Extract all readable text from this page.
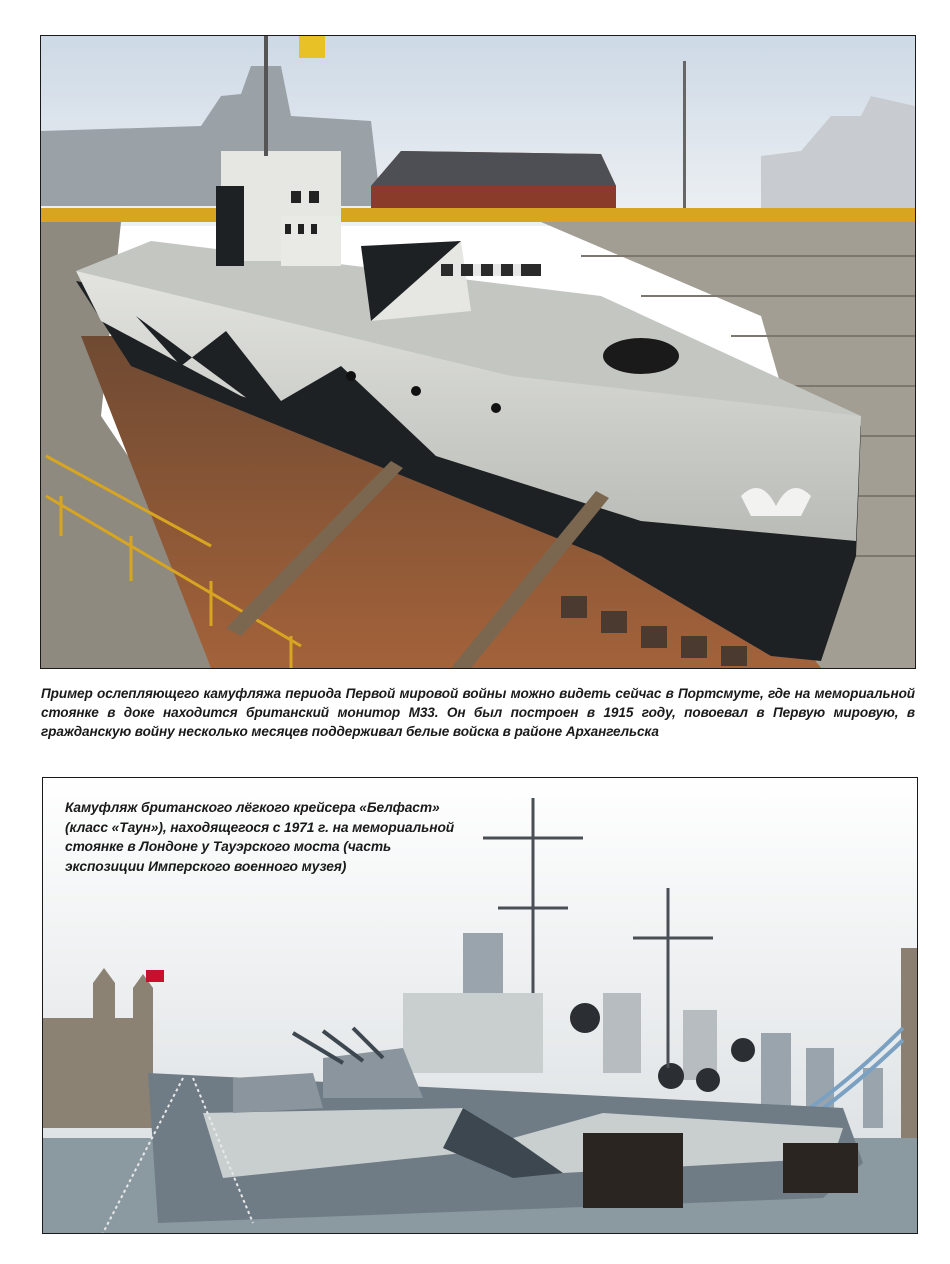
Пример ослепляющего камуфляжа периода Первой мировой войны можно видеть сейчас в Портсмуте, где на мемориальной стоянке в доке находится британский монитор М33. Он был построен в 1915 году, повоевал в Первую мировую, в гражданскую войну несколько месяцев поддерживал белые войска в районе Архангельска
Камуфляж британского лёгкого крейсера «Белфаст» (класс «Таун»), находящегося с 1971 г. на мемориальной стоянке в Лондоне у Тауэрского моста (часть экспозиции Имперского военного музея)
